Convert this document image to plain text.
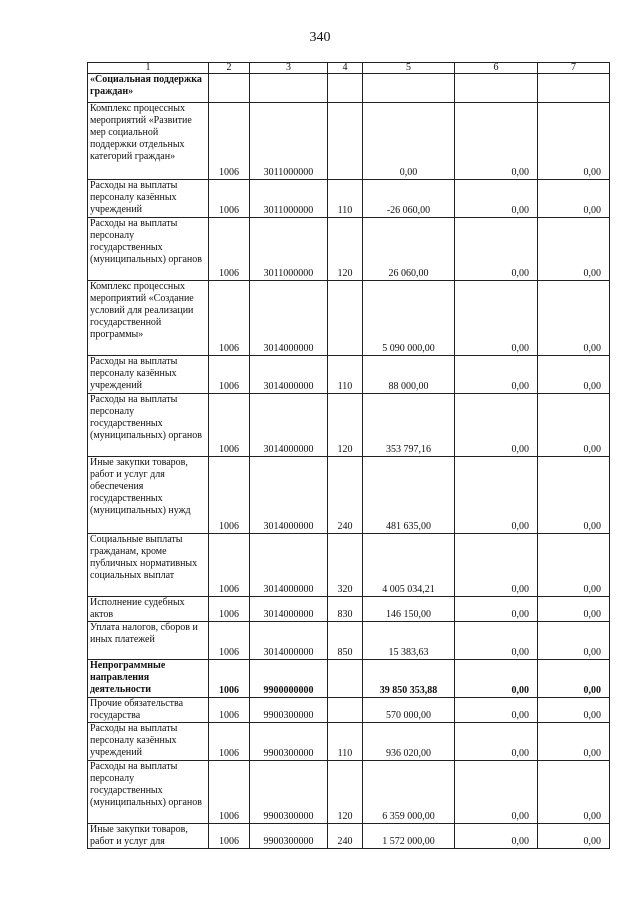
340
1	2	3	4	5	6	7
«Социальная поддержка граждан»						
Комплекс процессных мероприятий «Развитие мер социальной поддержки отдельных категорий граждан»	1006	3011000000		0,00	0,00	0,00
Расходы на выплаты персоналу казённых учреждений	1006	3011000000	110	-26 060,00	0,00	0,00
Расходы на выплаты персоналу государственных (муниципальных) органов	1006	3011000000	120	26 060,00	0,00	0,00
Комплекс процессных мероприятий «Создание условий для реализации государственной программы»	1006	3014000000		5 090 000,00	0,00	0,00
Расходы на выплаты персоналу казённых учреждений	1006	3014000000	110	88 000,00	0,00	0,00
Расходы на выплаты персоналу государственных (муниципальных) органов	1006	3014000000	120	353 797,16	0,00	0,00
Иные закупки товаров, работ и услуг для обеспечения государственных (муниципальных) нужд	1006	3014000000	240	481 635,00	0,00	0,00
Социальные выплаты гражданам, кроме публичных нормативных социальных выплат	1006	3014000000	320	4 005 034,21	0,00	0,00
Исполнение судебных актов	1006	3014000000	830	146 150,00	0,00	0,00
Уплата налогов, сборов и иных платежей	1006	3014000000	850	15 383,63	0,00	0,00
Непрограммные направления деятельности	1006	9900000000		39 850 353,88	0,00	0,00
Прочие обязательства государства	1006	9900300000		570 000,00	0,00	0,00
Расходы на выплаты персоналу казённых учреждений	1006	9900300000	110	936 020,00	0,00	0,00
Расходы на выплаты персоналу государственных (муниципальных) органов	1006	9900300000	120	6 359 000,00	0,00	0,00
Иные закупки товаров, работ и услуг для	1006	9900300000	240	1 572 000,00	0,00	0,00
